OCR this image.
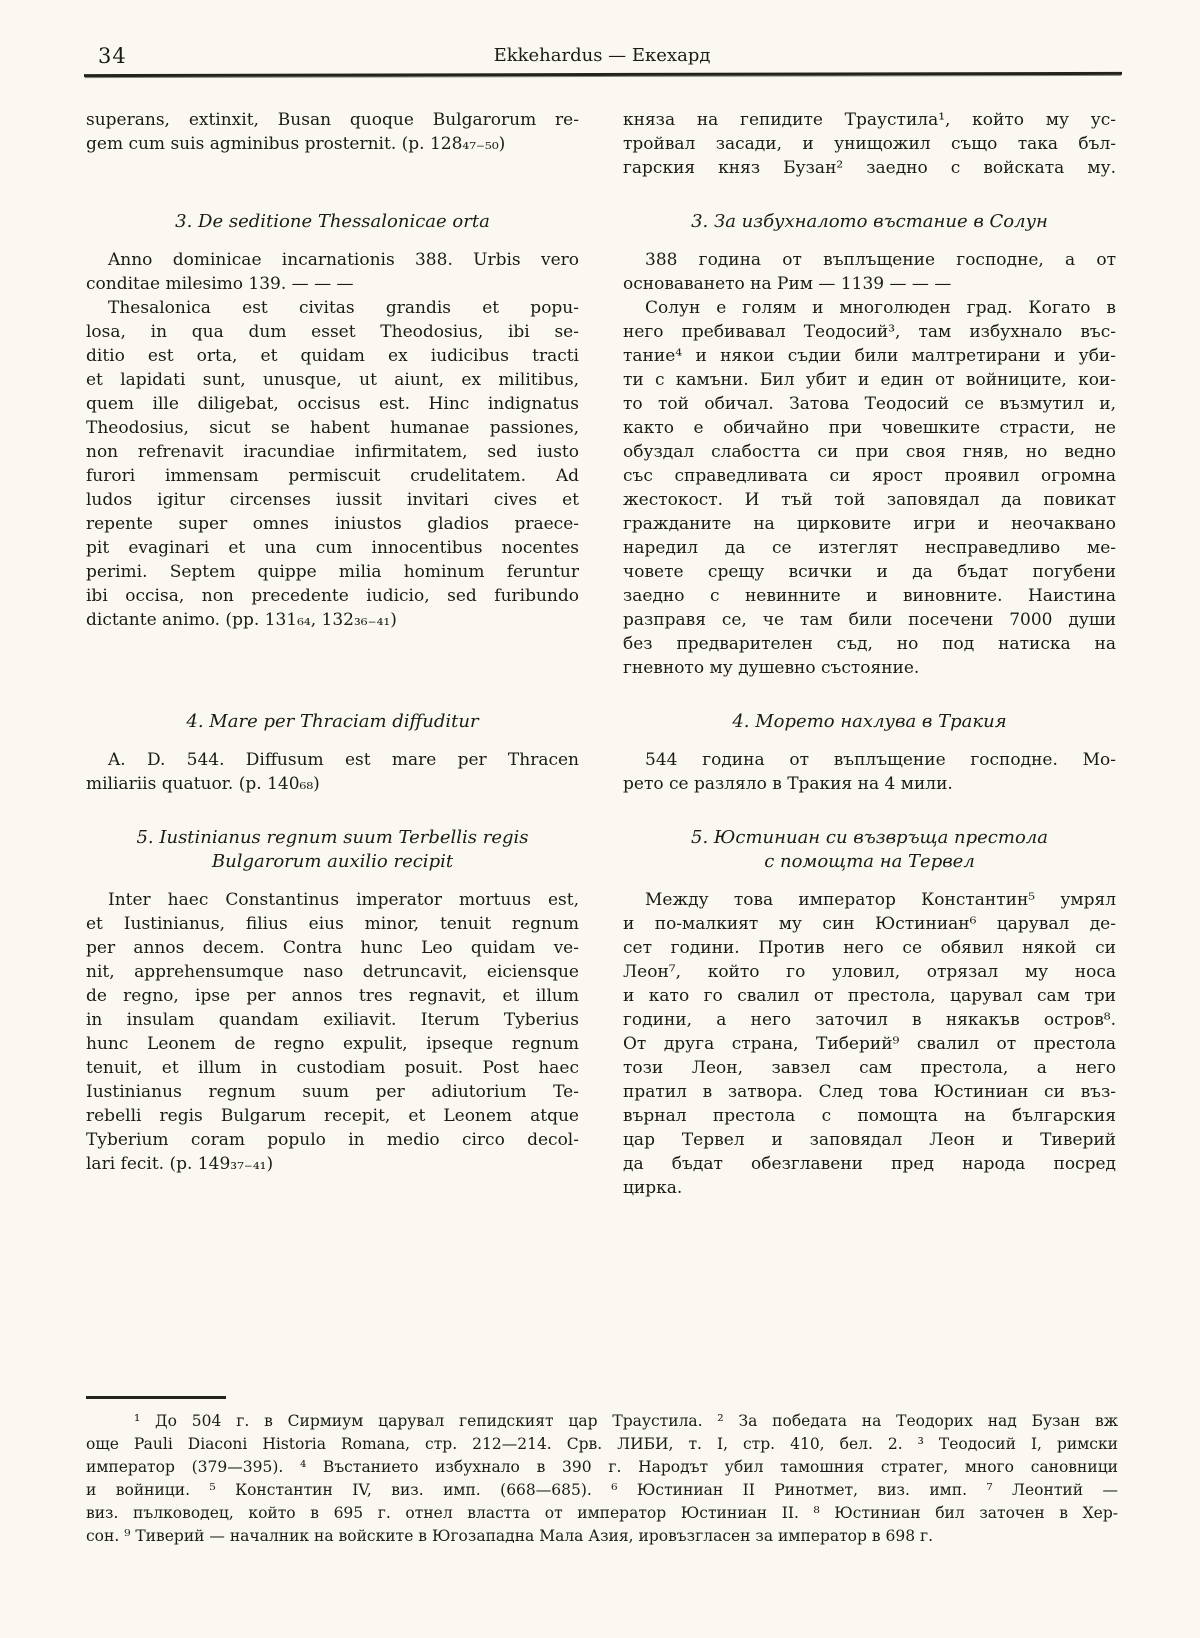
34	Ekkehardus — Екехард
superans, extinxit, Busan quoque Bulgarorum re-
gem cum suis agminibus prosternit. (p. 128₄₇₋₅₀)
княза на гепидите Траустила¹, който му ус-
тройвал засади, и унищожил също така бъл-
гарския княз Бузан² заедно с войската му.
3. De seditione Thessalonicae orta
Anno dominicae incarnationis 388. Urbis vero
conditae milesimo 139. — — —
Thesalonica est civitas grandis et popu-
losa, in qua dum esset Theodosius, ibi se-
ditio est orta, et quidam ex iudicibus tracti
et lapidati sunt, unusque, ut aiunt, ex militibus,
quem ille diligebat, occisus est. Hinc indignatus
Theodosius, sicut se habent humanae passiones,
non refrenavit iracundiae infirmitatem, sed iusto
furori immensam permiscuit crudelitatem. Ad
ludos igitur circenses iussit invitari cives et
repente super omnes iniustos gladios praece-
pit evaginari et una cum innocentibus nocentes
perimi. Septem quippe milia hominum feruntur
ibi occisa, non precedente iudicio, sed furibundo
dictante animo. (pp. 131₆₄, 132₃₆₋₄₁)
3. За избухналото въстание в Солун
388 година от въплъщение господне, а от
основаването на Рим — 1139 — — —
Солун е голям и многолюден град. Когато в
него пребивавал Теодосий³, там избухнало въс-
тание⁴ и някои съдии били малтретирани и уби-
ти с камъни. Бил убит и един от войниците, кои-
то той обичал. Затова Теодосий се възмутил и,
както е обичайно при човешките страсти, не
обуздал слабостта си при своя гняв, но ведно
със справедливата си ярост проявил огромна
жестокост. И тъй той заповядал да повикат
гражданите на цирковите игри и неочаквано
наредил да се изтеглят несправедливо ме-
човете срещу всички и да бъдат погубени
заедно с невинните и виновните. Наистина
разправя се, че там били посечени 7000 души
без предварителен съд, но под натиска на
гневното му душевно състояние.
4. Mare per Thraciam diffuditur
A. D. 544. Diffusum est mare per Thracen
miliariis quatuor. (p. 140₆₈)
4. Морето нахлува в Тракия
544 година от въплъщение господне. Мо-
рето се разляло в Тракия на 4 мили.
5. Iustinianus regnum suum Terbellis regis
Bulgarorum auxilio recipit
Inter haec Constantinus imperator mortuus est,
et Iustinianus, filius eius minor, tenuit regnum
per annos decem. Contra hunc Leo quidam ve-
nit, apprehensumque naso detruncavit, eiciensque
de regno, ipse per annos tres regnavit, et illum
in insulam quandam exiliavit. Iterum Tyberius
hunc Leonem de regno expulit, ipseque regnum
tenuit, et illum in custodiam posuit. Post haec
Iustinianus regnum suum per adiutorium Te-
rebelli regis Bulgarum recepit, et Leonem atque
Tyberium coram populo in medio circo decol-
lari fecit. (p. 149₃₇₋₄₁)
5. Юстиниан си възвръща престола
с помощта на Тервел
Между това император Константин⁵ умрял
и по-малкият му син Юстиниан⁶ царувал де-
сет години. Против него се обявил някой си
Леон⁷, който го уловил, отрязал му носа
и като го свалил от престола, царувал сам три
години, а него заточил в някакъв остров⁸.
От друга страна, Тиберий⁹ свалил от престола
този Леон, завзел сам престола, а него
пратил в затвора. След това Юстиниан си въз-
върнал престола с помощта на българския
цар Тервел и заповядал Леон и Тиверий
да бъдат обезглавени пред народа посред
цирка.
¹ До 504 г. в Сирмиум царувал гепидският цар Траустила. ² За победата на Теодорих над Бузан вж
още Pauli Diaconi Historia Romana, стр. 212—214. Срв. ЛИБИ, т. I, стр. 410, бел. 2. ³ Теодосий I, римски
император (379—395). ⁴ Въстанието избухнало в 390 г. Народът убил тамошния стратег, много сановници
и войници. ⁵ Константин IV, виз. имп. (668—685). ⁶ Юстиниан II Ринотмет, виз. имп. ⁷ Леонтий —
виз. пълководец, който в 695 г. отнел властта от император Юстиниан II. ⁸ Юстиниан бил заточен в Хер-
сон. ⁹ Тиверий — началник на войските в Югозападна Мала Азия, ировъзгласен за император в 698 г.
